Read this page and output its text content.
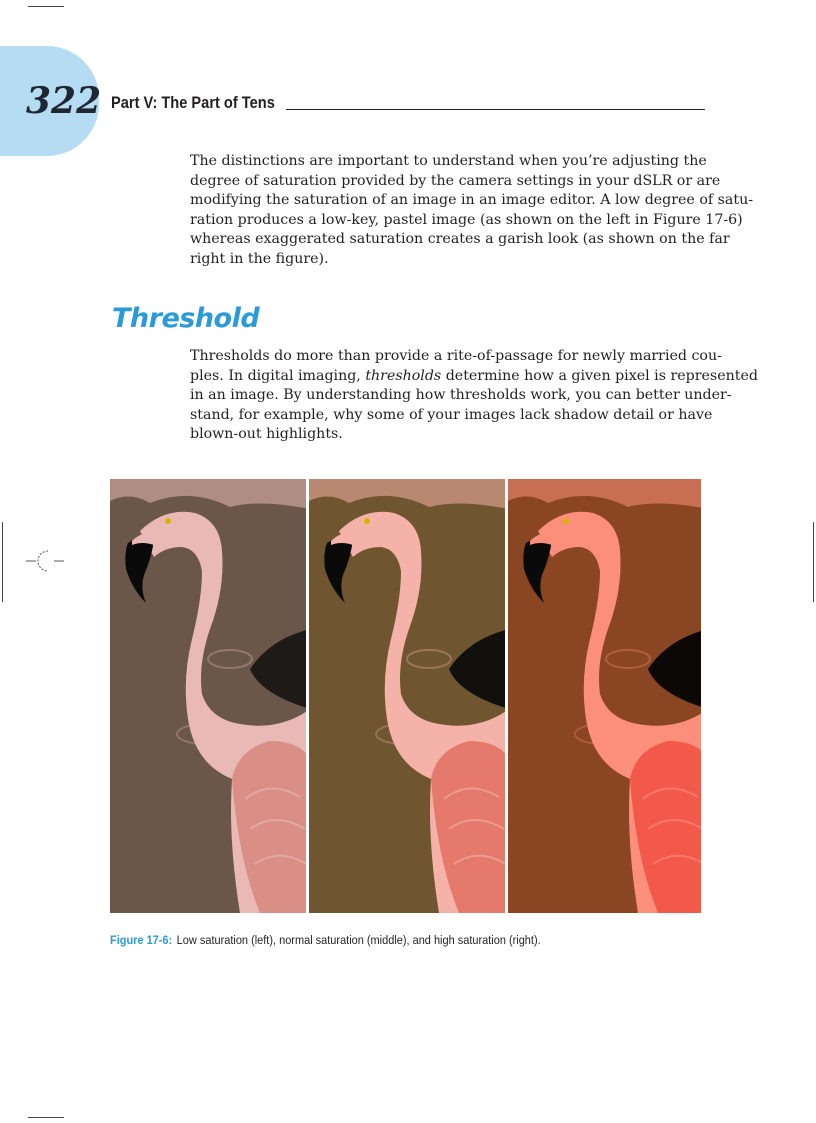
322 Part V: The Part of Tens

The distinctions are important to understand when you’re adjusting the
degree of saturation provided by the camera settings in your dSLR or are
modifying the saturation of an image in an image editor. A low degree of satu-
ration produces a low-key, pastel image (as shown on the left in Figure 17-6)
whereas exaggerated saturation creates a garish look (as shown on the far
right in the figure).

Threshold

Thresholds do more than provide a rite-of-passage for newly married cou-
ples. In digital imaging, thresholds determine how a given pixel is represented
in an image. By understanding how thresholds work, you can better under-
stand, for example, why some of your images lack shadow detail or have
blown-out highlights.

Figure 17-6: Low saturation (left), normal saturation (middle), and high saturation (right).
